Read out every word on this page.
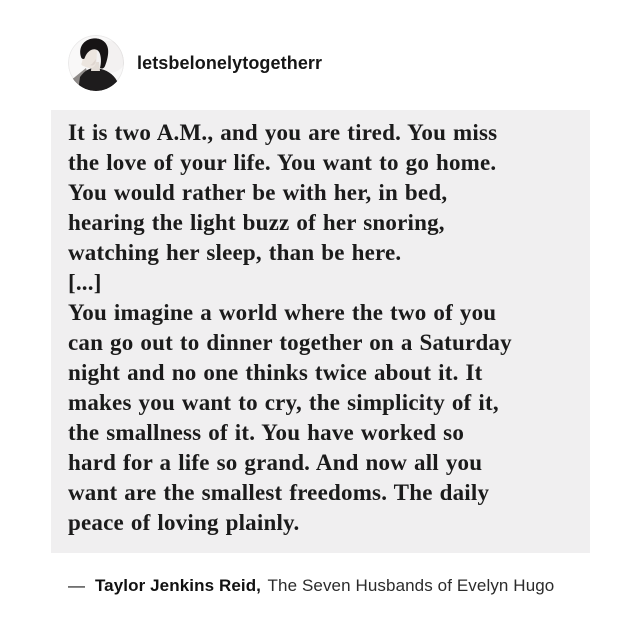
letsbelonelytogetherr
It is two A.M., and you are tired. You miss
the love of your life. You want to go home.
You would rather be with her, in bed,
hearing the light buzz of her snoring,
watching her sleep, than be here.
[...]
You imagine a world where the two of you
can go out to dinner together on a Saturday
night and no one thinks twice about it. It
makes you want to cry, the simplicity of it,
the smallness of it. You have worked so
hard for a life so grand. And now all you
want are the smallest freedoms. The daily
peace of loving plainly.
— Taylor Jenkins Reid, The Seven Husbands of Evelyn Hugo
